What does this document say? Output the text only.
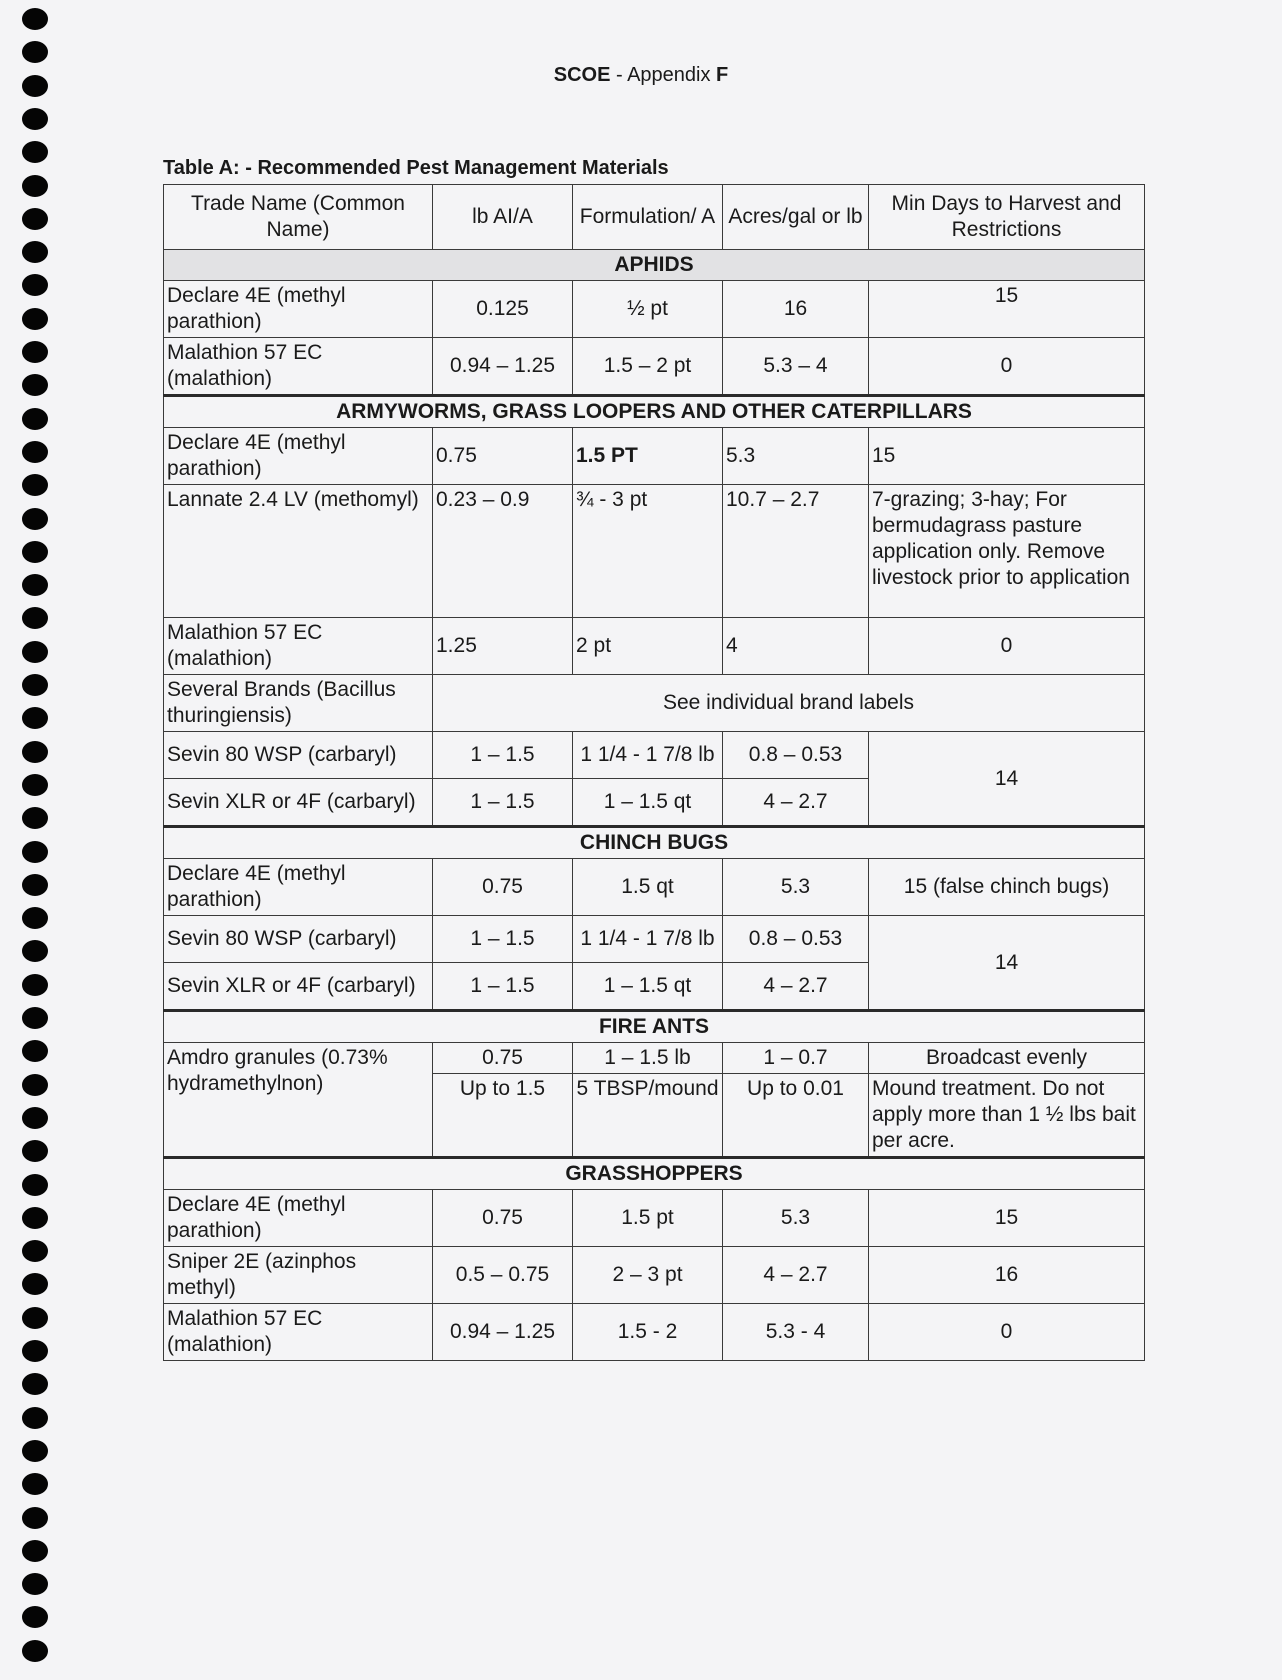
SCOE - Appendix F
Table A: - Recommended Pest Management Materials
Trade Name (Common Name)	lb AI/A	Formulation/ A	Acres/gal or lb	Min Days to Harvest and Restrictions
APHIDS				
Declare 4E (methyl parathion)	0.125	½ pt	16	15
Malathion 57 EC (malathion)	0.94 – 1.25	1.5 – 2 pt	5.3 – 4	0
ARMYWORMS, GRASS LOOPERS AND OTHER CATERPILLARS				
Declare 4E (methyl parathion)	0.75	1.5 PT	5.3	15
Lannate 2.4 LV (methomyl)	0.23 – 0.9	¾ - 3 pt	10.7 – 2.7	7-grazing; 3-hay; For bermudagrass pasture application only. Remove livestock prior to application
Malathion 57 EC (malathion)	1.25	2 pt	4	0
Several Brands (Bacillus thuringiensis)	See individual brand labels			
Sevin 80 WSP (carbaryl)	1 – 1.5	1 1/4 - 1 7/8 lb	0.8 – 0.53	14
Sevin XLR or 4F (carbaryl)	1 – 1.5	1 – 1.5 qt	4 – 2.7	
CHINCH BUGS				
Declare 4E (methyl parathion)	0.75	1.5 qt	5.3	15 (false chinch bugs)
Sevin 80 WSP (carbaryl)	1 – 1.5	1 1/4 - 1 7/8 lb	0.8 – 0.53	14
Sevin XLR or 4F (carbaryl)	1 – 1.5	1 – 1.5 qt	4 – 2.7	
FIRE ANTS				
Amdro granules (0.73% hydramethylnon)	0.75	1 – 1.5 lb	1 – 0.7	Broadcast evenly
	Up to 1.5	5 TBSP/mound	Up to 0.01	Mound treatment. Do not apply more than 1 ½ lbs bait per acre.
GRASSHOPPERS				
Declare 4E (methyl parathion)	0.75	1.5 pt	5.3	15
Sniper 2E (azinphos methyl)	0.5 – 0.75	2 – 3 pt	4 – 2.7	16
Malathion 57 EC (malathion)	0.94 – 1.25	1.5 - 2	5.3 - 4	0
